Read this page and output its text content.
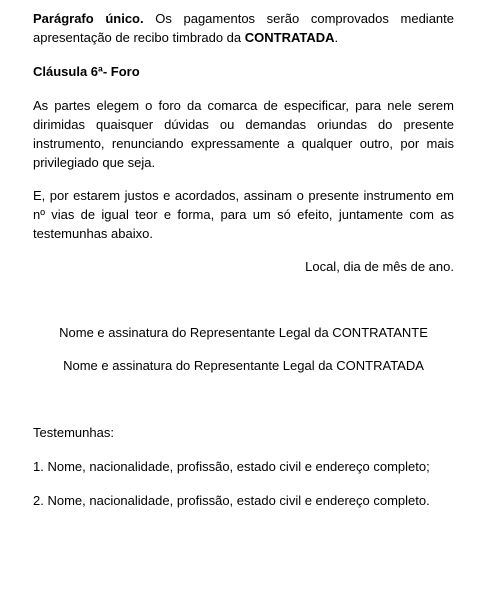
Parágrafo único. Os pagamentos serão comprovados mediante apresentação de recibo timbrado da CONTRATADA.

Cláusula 6ª- Foro

As partes elegem o foro da comarca de especificar, para nele serem dirimidas quaisquer dúvidas ou demandas oriundas do presente instrumento, renunciando expressamente a qualquer outro, por mais privilegiado que seja.

E, por estarem justos e acordados, assinam o presente instrumento em nº vias de igual teor e forma, para um só efeito, juntamente com as testemunhas abaixo.

Local, dia de mês de ano.
Nome e assinatura do Representante Legal da CONTRATANTE
Nome e assinatura do Representante Legal da CONTRATADA
Testemunhas:
1. Nome, nacionalidade, profissão, estado civil e endereço completo;
2. Nome, nacionalidade, profissão, estado civil e endereço completo.
